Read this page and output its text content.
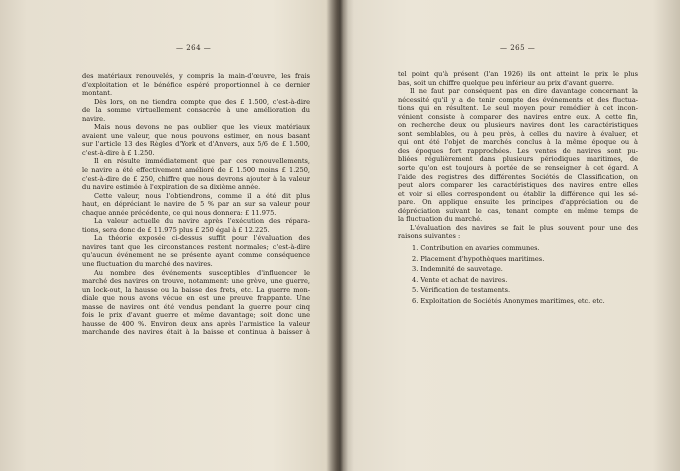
— 264 —
des matériaux renouvelés, y compris la main-d'œuvre, les frais
d'exploitation et le bénéfice espéré proportionnel à ce dernier
montant.
Dès lors, on ne tiendra compte que des £ 1.500, c'est-à-dire
de la somme virtuellement consacrée à une amélioration du
navire.
Mais nous devons ne pas oublier que les vieux matériaux
avaient une valeur, que nous pouvons estimer, en nous basant
sur l'article 13 des Règles d'York et d'Anvers, aux 5/6 de £ 1.500,
c'est-à-dire à £ 1.250.
Il en résulte immédiatement que par ces renouvellements,
le navire a été effectivement amélioré de £ 1.500 moins £ 1.250,
c'est-à-dire de £ 250, chiffre que nous devrons ajouter à la valeur
du navire estimée à l'expiration de sa dixième année.
Cette valeur, nous l'obtiendrons, comme il a été dit plus
haut, en dépréciant le navire de 5 % par an sur sa valeur pour
chaque année précédente, ce qui nous donnera: £ 11.975.
La valeur actuelle du navire après l'exécution des répara-
tions, sera donc de £ 11.975 plus £ 250 égal à £ 12.225.
La théorie exposée ci-dessus suffit pour l'évaluation des
navires tant que les circonstances restent normales; c'est-à-dire
qu'aucun événement ne se présente ayant comme conséquence
une fluctuation du marché des navires.
Au nombre des événements susceptibles d'influencer le
marché des navires on trouve, notamment: une grève, une guerre,
un lock-out, la hausse ou la baisse des frets, etc. La guerre mon-
diale que nous avons vécue en est une preuve frappante. Une
masse de navires ont été vendus pendant la guerre pour cinq
fois le prix d'avant guerre et même davantage; soit donc une
hausse de 400 %. Environ deux ans après l'armistice la valeur
marchande des navires était à la baisse et continua à baisser à
— 265 —
tel point qu'à présent (l'an 1926) ils ont atteint le prix le plus
bas, soit un chiffre quelque peu inférieur au prix d'avant guerre.
Il ne faut par conséquent pas en dire davantage concernant la
nécessité qu'il y a de tenir compte des événements et des fluctua-
tions qui en résultent. Le seul moyen pour remédier à cet incon-
vénient consiste à comparer des navires entre eux. A cette fin,
on recherche deux ou plusieurs navires dont les caractéristiques
sont semblables, ou à peu près, à celles du navire à évaluer, et
qui ont été l'objet de marchés conclus à la même époque ou à
des époques fort rapprochées. Les ventes de navires sont pu-
bliées régulièrement dans plusieurs périodiques maritimes, de
sorte qu'on est toujours à portée de se renseigner à cet égard. A
l'aide des registres des différentes Sociétés de Classification, on
peut alors comparer les caractéristiques des navires entre elles
et voir si elles correspondent ou établir la différence qui les sé-
pare. On applique ensuite les principes d'appréciation ou de
dépréciation suivant le cas, tenant compte en même temps de
la fluctuation du marché.
L'évaluation des navires se fait le plus souvent pour une des
raisons suivantes :
1. Contribution en avaries communes.
2. Placement d'hypothèques maritimes.
3. Indemnité de sauvetage.
4. Vente et achat de navires.
5. Vérification de testaments.
6. Exploitation de Sociétés Anonymes maritimes, etc. etc.
